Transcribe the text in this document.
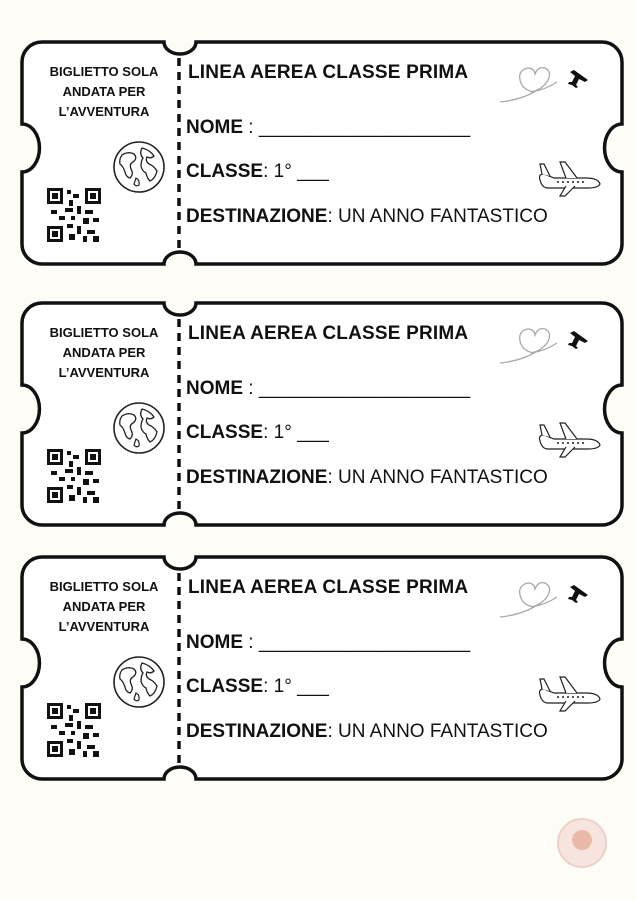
BIGLIETTO SOLA
ANDATA PER
L’AVVENTURA
LINEA AEREA CLASSE PRIMA
NOME : ____________________
CLASSE: 1° ___
DESTINAZIONE: UN ANNO FANTASTICO
BIGLIETTO SOLA
ANDATA PER
L’AVVENTURA
LINEA AEREA CLASSE PRIMA
NOME : ____________________
CLASSE: 1° ___
DESTINAZIONE: UN ANNO FANTASTICO
BIGLIETTO SOLA
ANDATA PER
L’AVVENTURA
LINEA AEREA CLASSE PRIMA
NOME : ____________________
CLASSE: 1° ___
DESTINAZIONE: UN ANNO FANTASTICO
